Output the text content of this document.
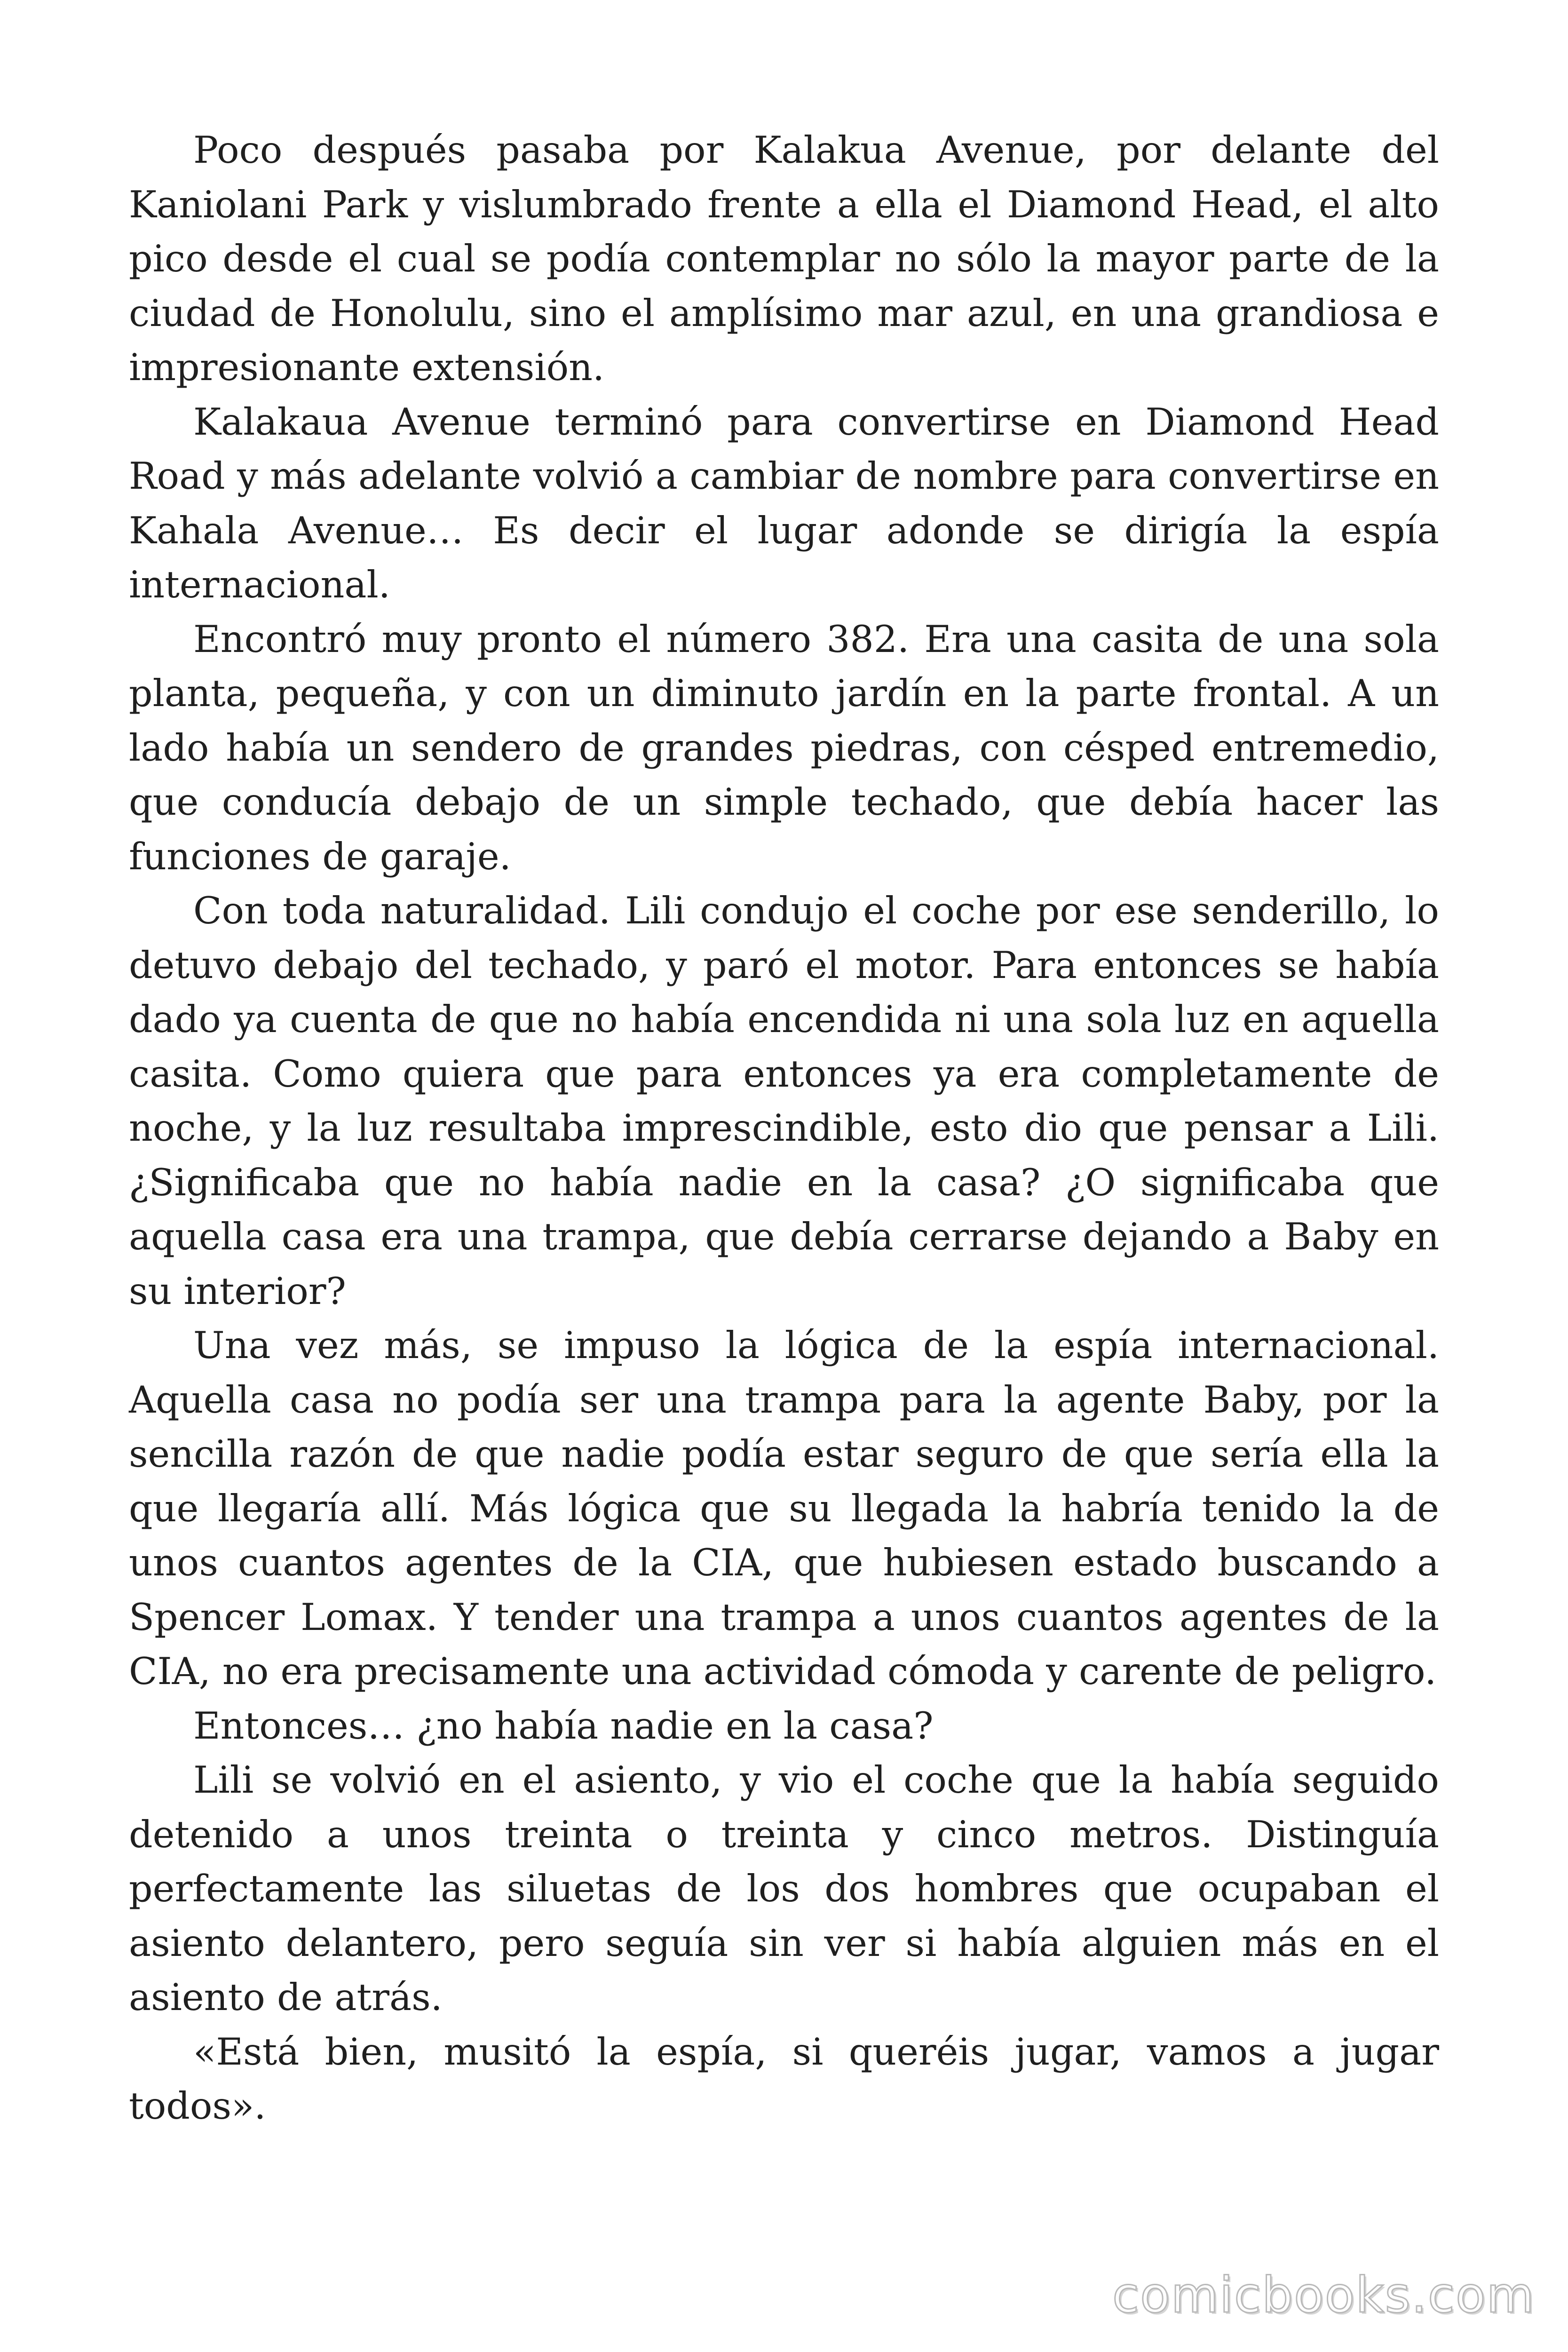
Poco después pasaba por Kalakua Avenue, por delante del Kaniolani Park y vislumbrado frente a ella el Diamond Head, el alto pico desde el cual se podía contemplar no sólo la mayor parte de la ciudad de Honolulu, sino el amplísimo mar azul, en una grandiosa e impresionante extensión.

Kalakaua Avenue terminó para convertirse en Diamond Head Road y más adelante volvió a cambiar de nombre para convertirse en Kahala Avenue… Es decir el lugar adonde se dirigía la espía internacional.

Encontró muy pronto el número 382. Era una casita de una sola planta, pequeña, y con un diminuto jardín en la parte frontal. A un lado había un sendero de grandes piedras, con césped entremedio, que conducía debajo de un simple techado, que debía hacer las funciones de garaje.

Con toda naturalidad. Lili condujo el coche por ese senderillo, lo detuvo debajo del techado, y paró el motor. Para entonces se había dado ya cuenta de que no había encendida ni una sola luz en aquella casita. Como quiera que para entonces ya era completamente de noche, y la luz resultaba imprescindible, esto dio que pensar a Lili. ¿Significaba que no había nadie en la casa? ¿O significaba que aquella casa era una trampa, que debía cerrarse dejando a Baby en su interior?

Una vez más, se impuso la lógica de la espía internacional. Aquella casa no podía ser una trampa para la agente Baby, por la sencilla razón de que nadie podía estar seguro de que sería ella la que llegaría allí. Más lógica que su llegada la habría tenido la de unos cuantos agentes de la CIA, que hubiesen estado buscando a Spencer Lomax. Y tender una trampa a unos cuantos agentes de la CIA, no era precisamente una actividad cómoda y carente de peligro.

Entonces… ¿no había nadie en la casa?

Lili se volvió en el asiento, y vio el coche que la había seguido detenido a unos treinta o treinta y cinco metros. Distinguía perfectamente las siluetas de los dos hombres que ocupaban el asiento delantero, pero seguía sin ver si había alguien más en el asiento de atrás.

«Está bien, musitó la espía, si queréis jugar, vamos a jugar todos».

comicbooks.com
